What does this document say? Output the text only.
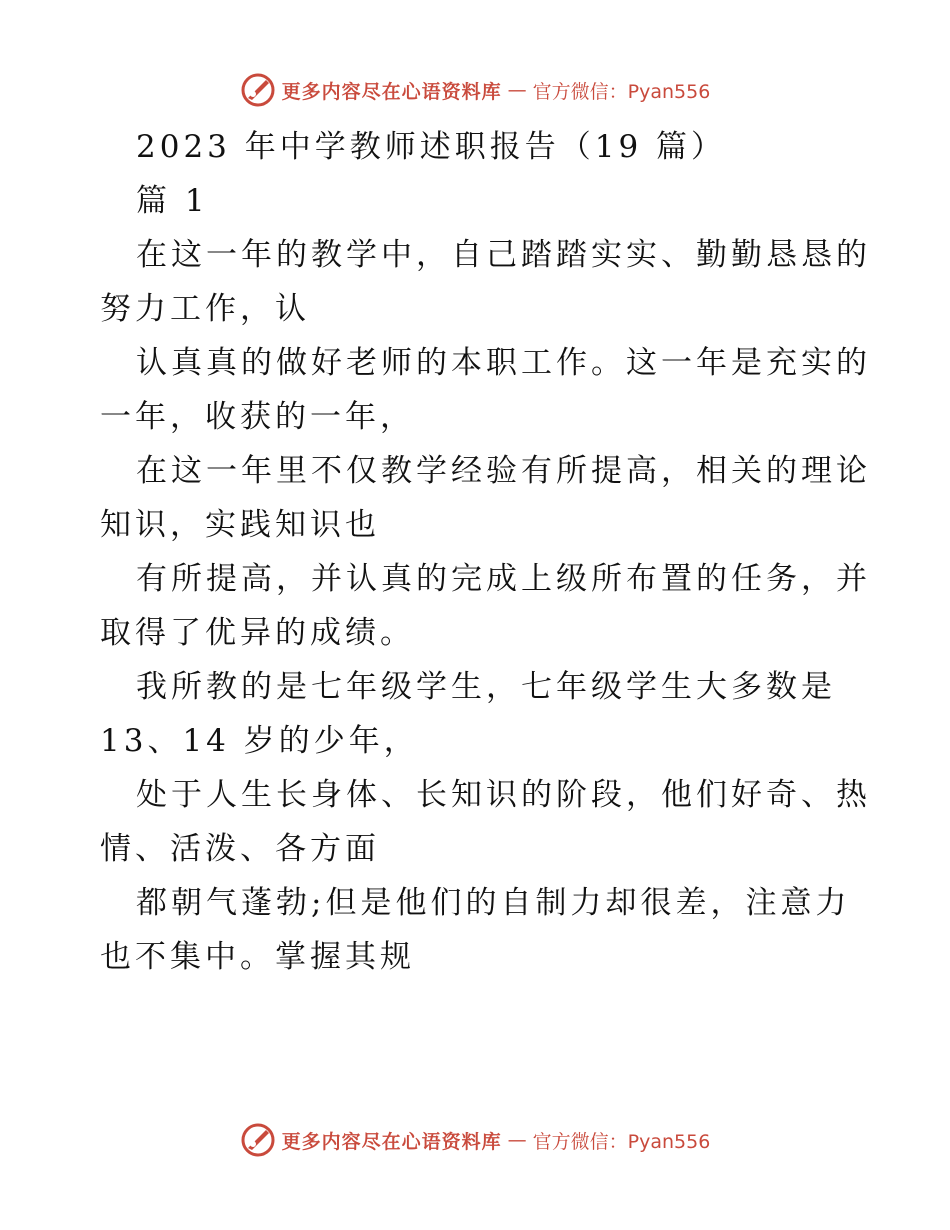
更多内容尽在心语资料库 — 官方微信：Pyan556
2023 年中学教师述职报告（19 篇）
篇 1
在这一年的教学中，自己踏踏实实、勤勤恳恳的
努力工作，认
认真真的做好老师的本职工作。这一年是充实的
一年，收获的一年，
在这一年里不仅教学经验有所提高，相关的理论
知识，实践知识也
有所提高，并认真的完成上级所布置的任务，并
取得了优异的成绩。
我所教的是七年级学生，七年级学生大多数是
13、14 岁的少年，
处于人生长身体、长知识的阶段，他们好奇、热
情、活泼、各方面
都朝气蓬勃;但是他们的自制力却很差，注意力
也不集中。掌握其规
更多内容尽在心语资料库 — 官方微信：Pyan556
